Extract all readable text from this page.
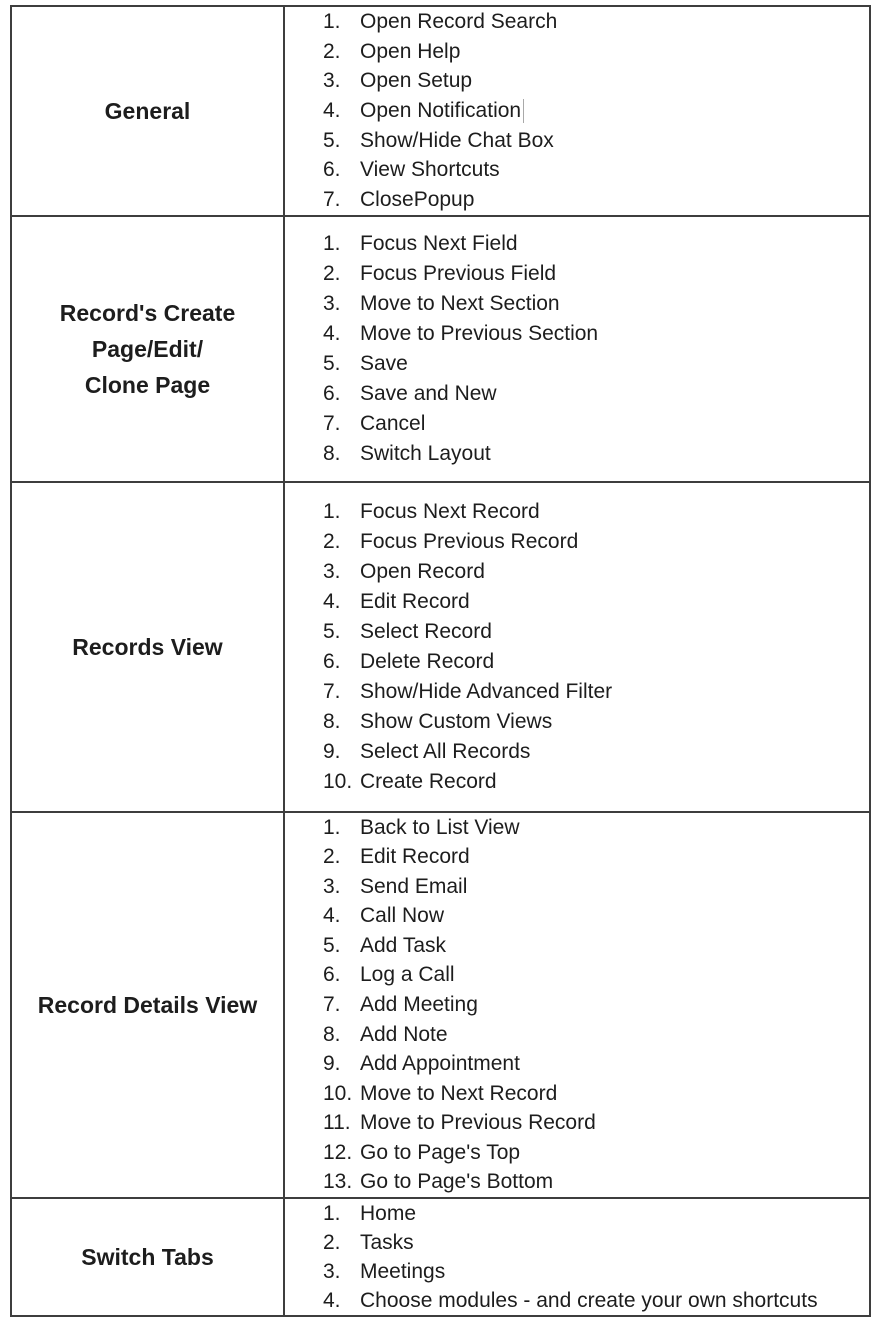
General
1. Open Record Search
2. Open Help
3. Open Setup
4. Open Notification
5. Show/Hide Chat Box
6. View Shortcuts
7. ClosePopup
Record's Create
Page/Edit/
Clone Page
1. Focus Next Field
2. Focus Previous Field
3. Move to Next Section
4. Move to Previous Section
5. Save
6. Save and New
7. Cancel
8. Switch Layout
Records View
1. Focus Next Record
2. Focus Previous Record
3. Open Record
4. Edit Record
5. Select Record
6. Delete Record
7. Show/Hide Advanced Filter
8. Show Custom Views
9. Select All Records
10. Create Record
Record Details View
1. Back to List View
2. Edit Record
3. Send Email
4. Call Now
5. Add Task
6. Log a Call
7. Add Meeting
8. Add Note
9. Add Appointment
10. Move to Next Record
11. Move to Previous Record
12. Go to Page's Top
13. Go to Page's Bottom
Switch Tabs
1. Home
2. Tasks
3. Meetings
4. Choose modules - and create your own shortcuts
